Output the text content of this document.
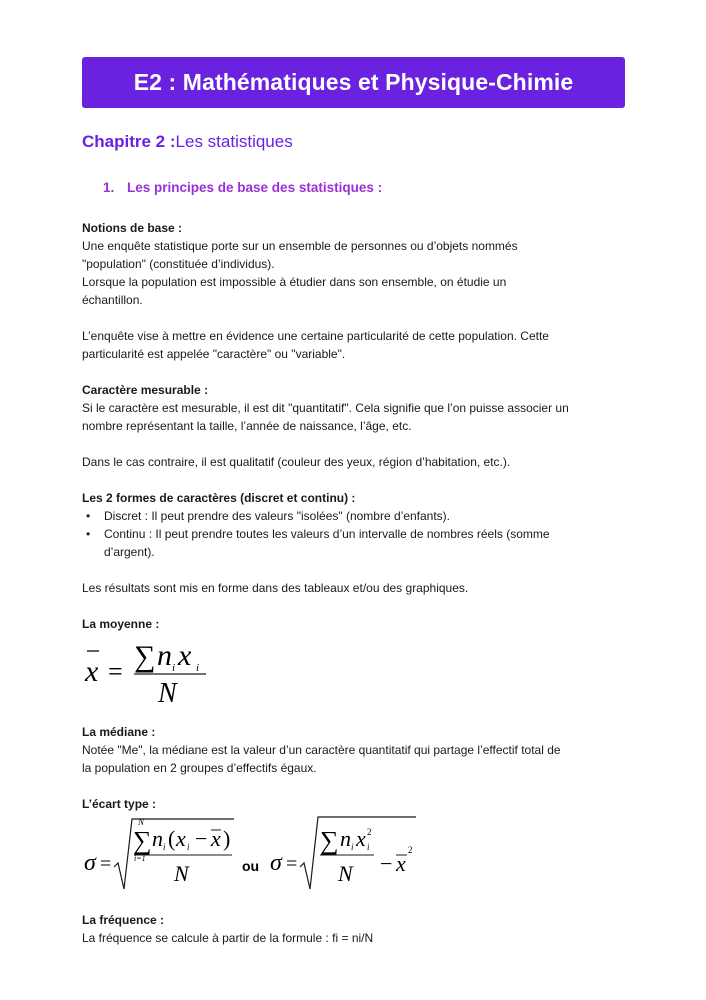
E2 : Mathématiques et Physique-Chimie
Chapitre 2 :Les statistiques
1. Les principes de base des statistiques :

Notions de base :

Une enquête statistique porte sur un ensemble de personnes ou d’objets nommés

"population" (constituée d’individus).

Lorsque la population est impossible à étudier dans son ensemble, on étudie un

échantillon.

L’enquête vise à mettre en évidence une certaine particularité de cette population. Cette

particularité est appelée "caractère" ou "variable".

Caractère mesurable :

Si le caractère est mesurable, il est dit "quantitatif". Cela signifie que l’on puisse associer un

nombre représentant la taille, l’année de naissance, l’âge, etc.

Dans le cas contraire, il est qualitatif (couleur des yeux, région d’habitation, etc.).

Les 2 formes de caractères (discret et continu) :

• Discret : Il peut prendre des valeurs "isolées" (nombre d’enfants).
• Continu : Il peut prendre toutes les valeurs d’un intervalle de nombres réels (somme
d’argent).

Les résultats sont mis en forme dans des tableaux et/ou des graphiques.

La moyenne :

x = ∑ n i x i
N

La médiane :

Notée "Me", la médiane est la valeur d’un caractère quantitatif qui partage l’effectif total de

la population en 2 groupes d’effectifs égaux.

L’écart type :

σ =
N
∑
i=1
n i ( x i − x )
N	ou σ =
∑ n i x 2
i
N − x
2

La fréquence :

La fréquence se calcule à partir de la formule : fi = ni/N
